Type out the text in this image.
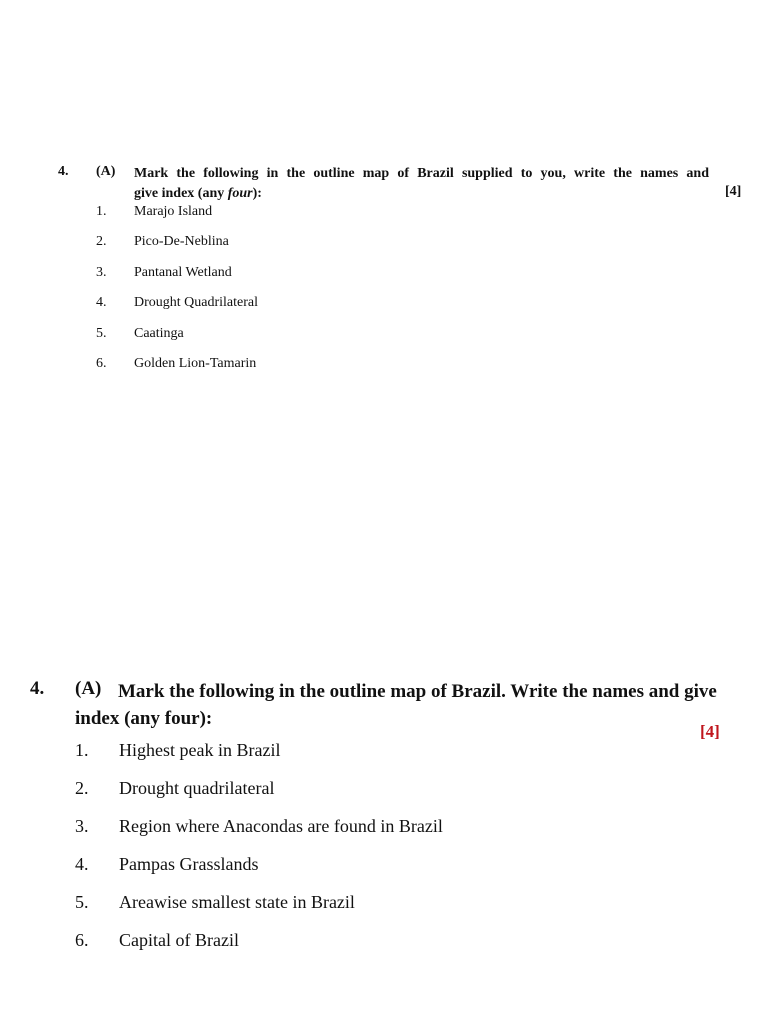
4. (A) Mark the following in the outline map of Brazil supplied to you, write the names and
give index (any four):	[4]
1. Marajo Island
2. Pico-De-Neblina
3. Pantanal Wetland
4. Drought Quadrilateral
5. Caatinga
6. Golden Lion-Tamarin
4. (A) Mark the following in the outline map of Brazil. Write the names and give index (any four):
[4]
1. Highest peak in Brazil
2. Drought quadrilateral
3. Region where Anacondas are found in Brazil
4. Pampas Grasslands
5. Areawise smallest state in Brazil
6. Capital of Brazil
